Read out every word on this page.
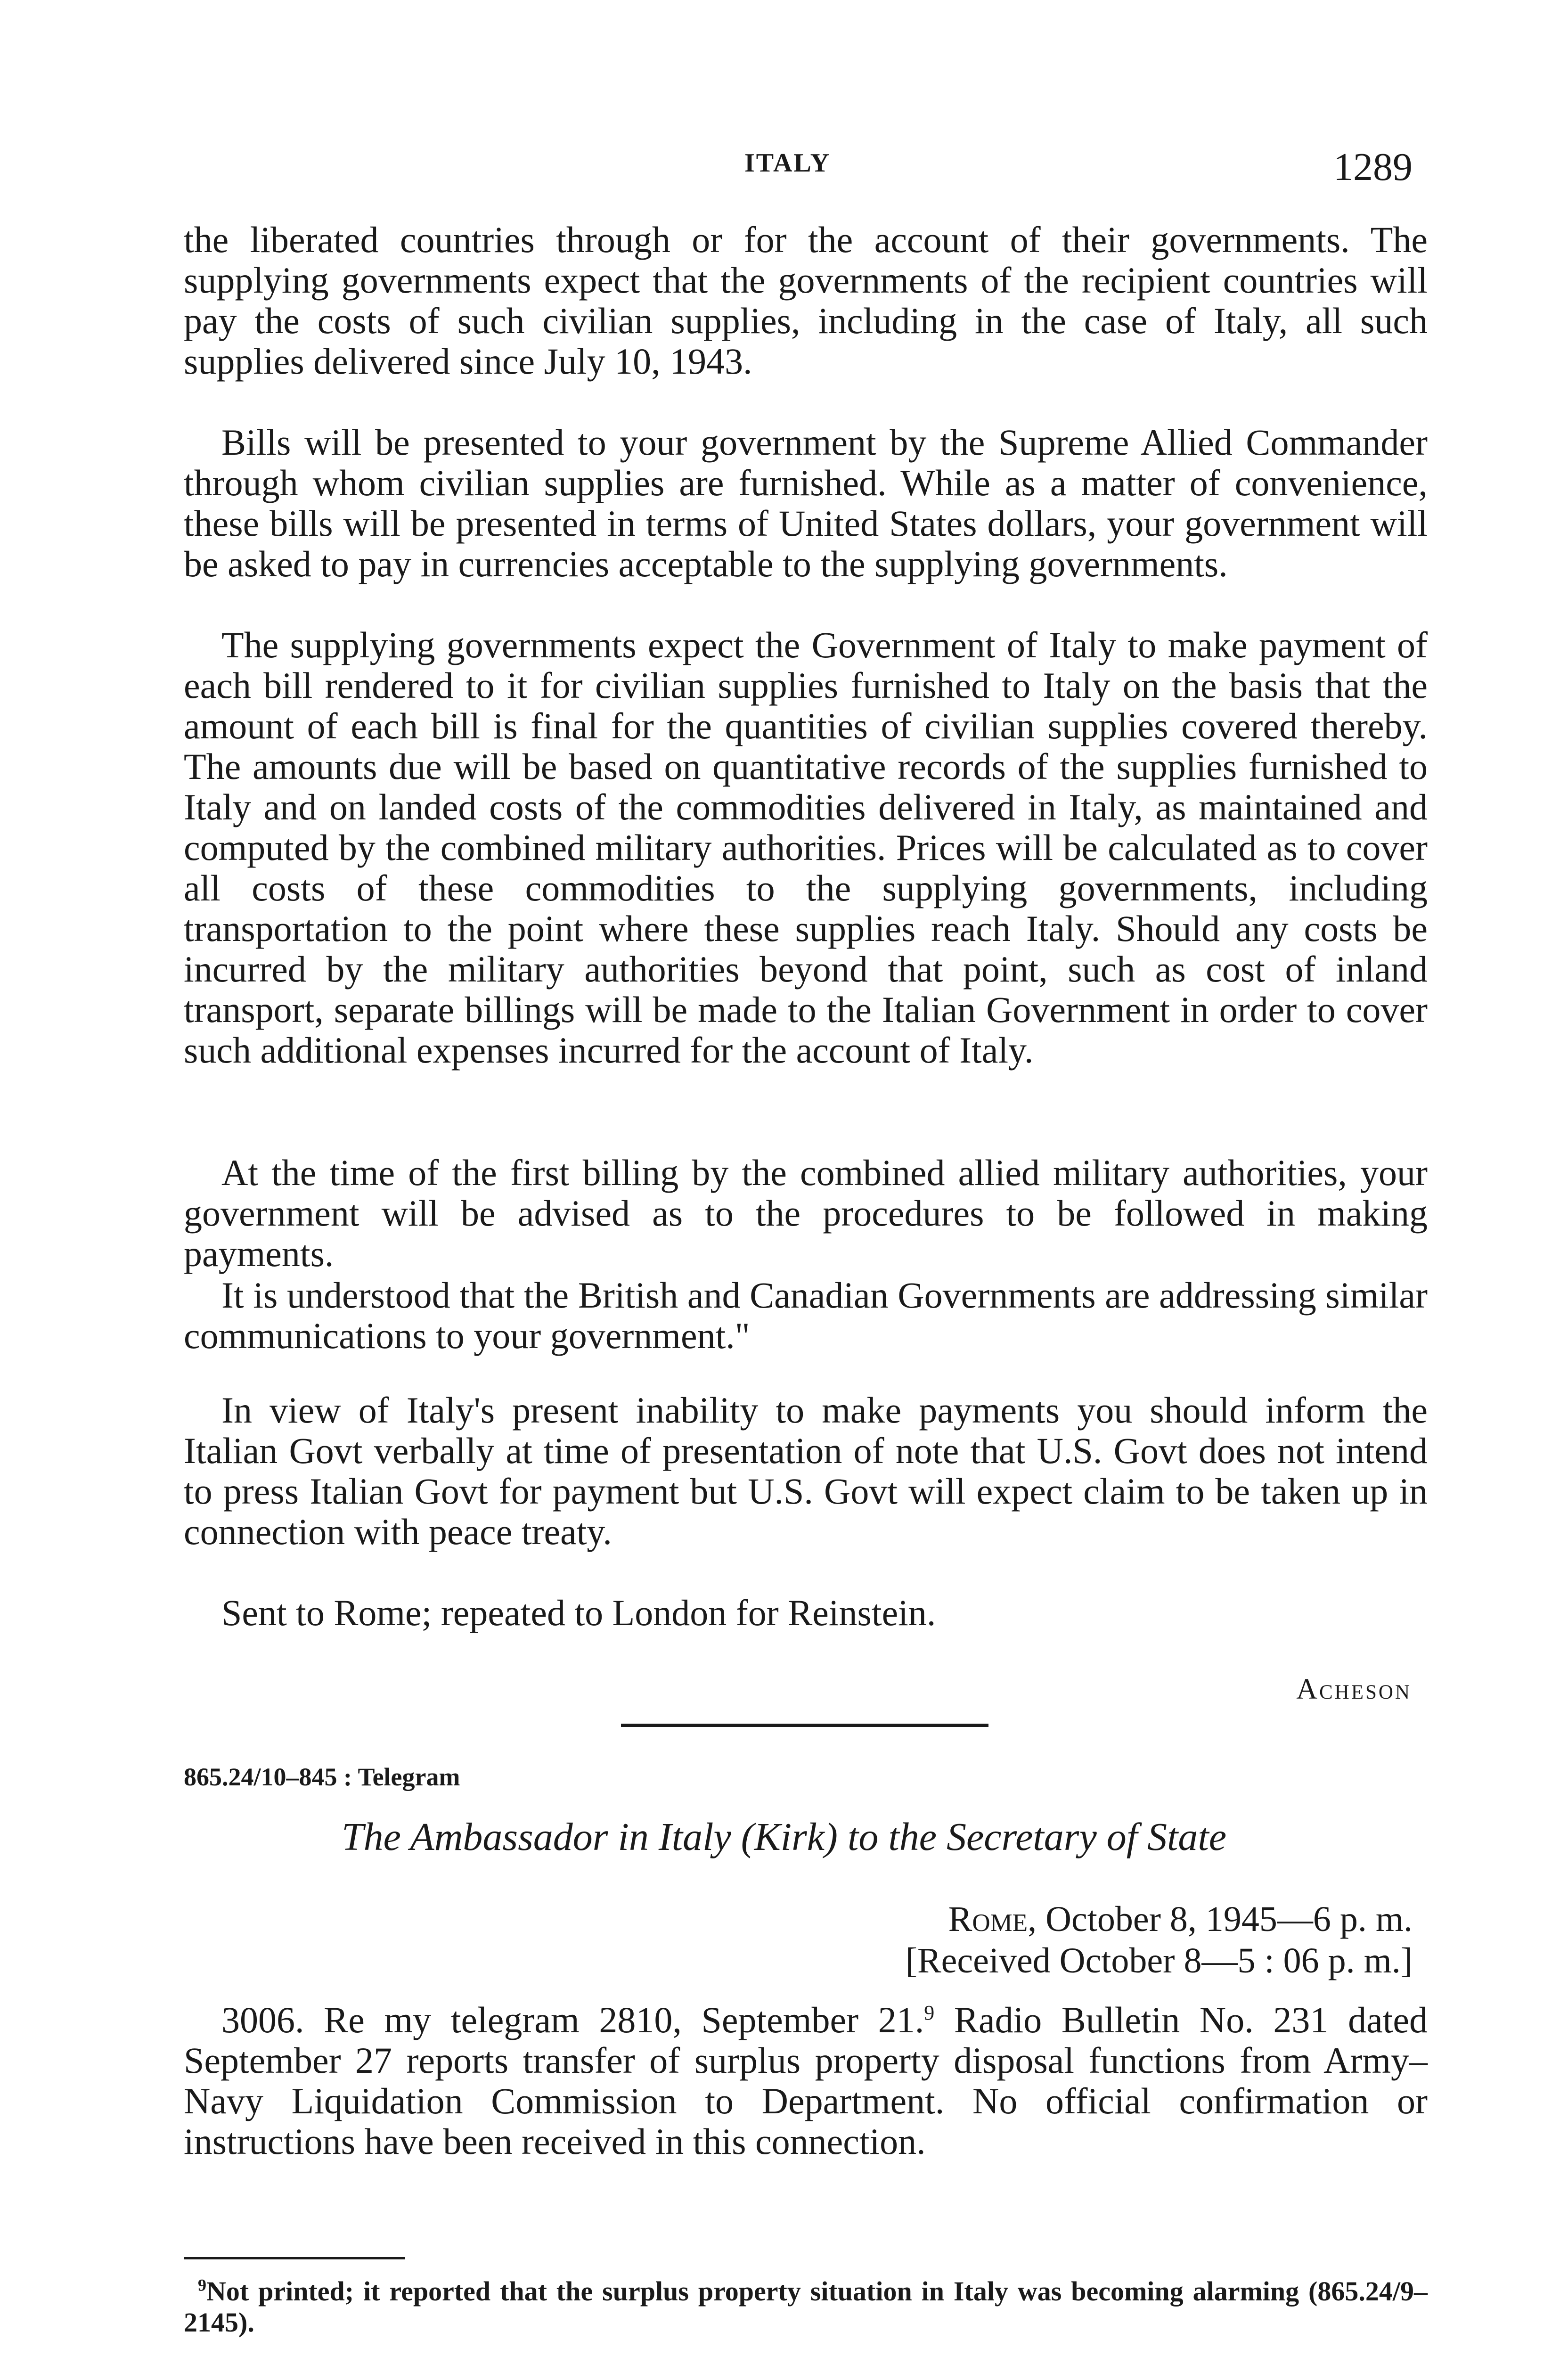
ITALY	1289

the liberated countries through or for the account of their governments. The supplying governments expect that the governments of the recipient countries will pay the costs of such civilian supplies, including in the case of Italy, all such supplies delivered since July 10, 1943.

Bills will be presented to your government by the Supreme Allied Commander through whom civilian supplies are furnished. While as a matter of convenience, these bills will be presented in terms of United States dollars, your government will be asked to pay in currencies acceptable to the supplying governments.

The supplying governments expect the Government of Italy to make payment of each bill rendered to it for civilian supplies furnished to Italy on the basis that the amount of each bill is final for the quantities of civilian supplies covered thereby. The amounts due will be based on quantitative records of the supplies furnished to Italy and on landed costs of the commodities delivered in Italy, as maintained and computed by the combined military authorities. Prices will be calculated as to cover all costs of these commodities to the supplying governments, including transportation to the point where these supplies reach Italy. Should any costs be incurred by the military authorities beyond that point, such as cost of inland transport, separate billings will be made to the Italian Government in order to cover such additional expenses incurred for the account of Italy.

At the time of the first billing by the combined allied military authorities, your government will be advised as to the procedures to be followed in making payments.

It is understood that the British and Canadian Governments are addressing similar communications to your government."

In view of Italy's present inability to make payments you should inform the Italian Govt verbally at time of presentation of note that U.S. Govt does not intend to press Italian Govt for payment but U.S. Govt will expect claim to be taken up in connection with peace treaty.

Sent to Rome; repeated to London for Reinstein.

Acheson
865.24/10–845 : Telegram
The Ambassador in Italy (Kirk) to the Secretary of State
Rome, October 8, 1945—6 p. m.
[Received October 8—5 : 06 p. m.]

3006. Re my telegram 2810, September 21.$^9$ Radio Bulletin No. 231 dated September 27 reports transfer of surplus property disposal functions from Army–Navy Liquidation Commission to Department. No official confirmation or instructions have been received in this connection.

$^9$Not printed; it reported that the surplus property situation in Italy was becoming alarming (865.24/9–2145).
